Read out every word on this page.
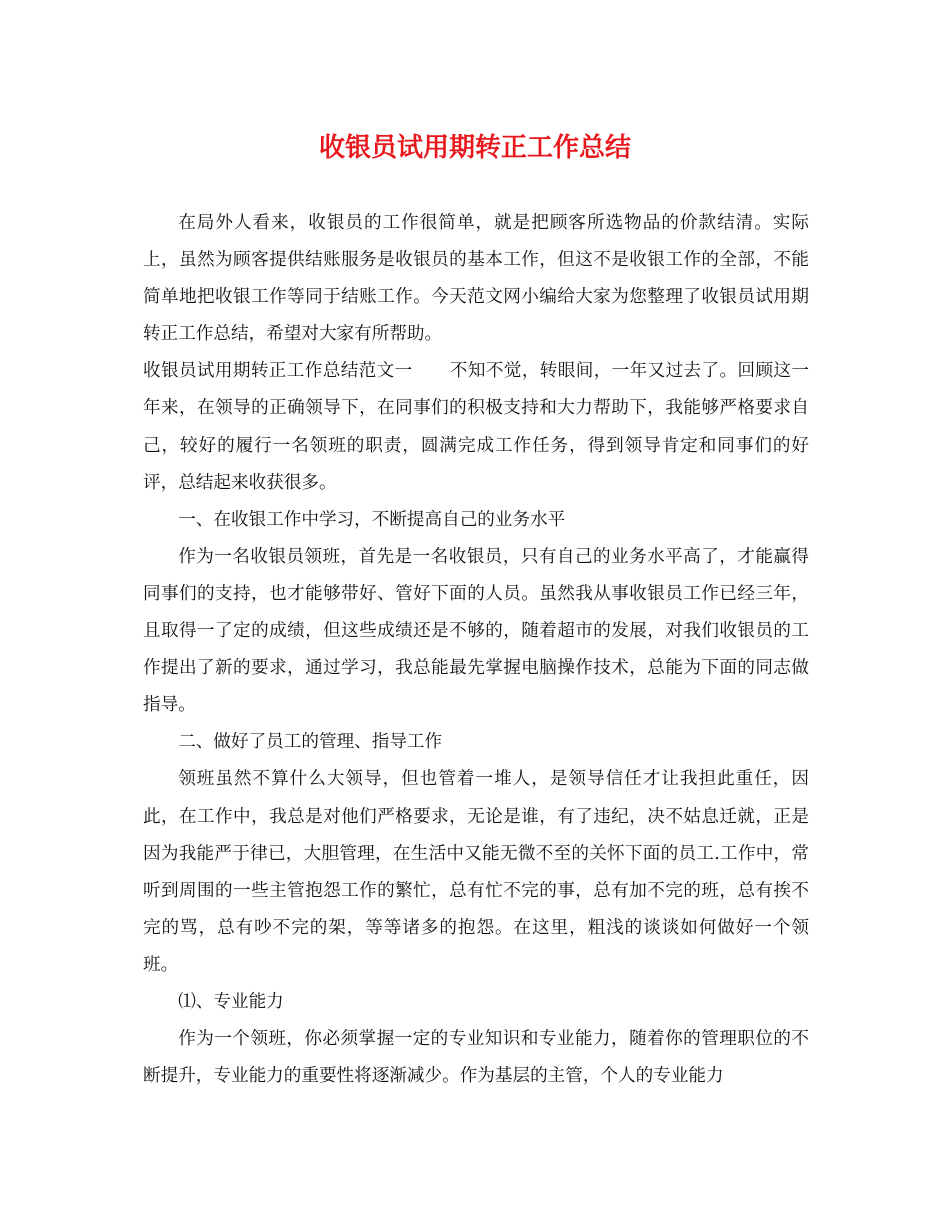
收银员试用期转正工作总结

在局外人看来，收银员的工作很简单，就是把顾客所选物品的价款结清。实际上，虽然为顾客提供结账服务是收银员的基本工作，但这不是收银工作的全部，不能简单地把收银工作等同于结账工作。今天范文网小编给大家为您整理了收银员试用期转正工作总结，希望对大家有所帮助。

收银员试用期转正工作总结范文一 不知不觉，转眼间，一年又过去了。回顾这一年来，在领导的正确领导下，在同事们的积极支持和大力帮助下，我能够严格要求自己，较好的履行一名领班的职责，圆满完成工作任务，得到领导肯定和同事们的好评，总结起来收获很多。

一、在收银工作中学习，不断提高自己的业务水平

作为一名收银员领班，首先是一名收银员，只有自己的业务水平高了，才能赢得同事们的支持，也才能够带好、管好下面的人员。虽然我从事收银员工作已经三年，且取得一了定的成绩，但这些成绩还是不够的，随着超市的发展，对我们收银员的工作提出了新的要求，通过学习，我总能最先掌握电脑操作技术，总能为下面的同志做指导。

二、做好了员工的管理、指导工作

领班虽然不算什么大领导，但也管着一堆人，是领导信任才让我担此重任，因此，在工作中，我总是对他们严格要求，无论是谁，有了违纪，决不姑息迁就，正是因为我能严于律已，大胆管理，在生活中又能无微不至的关怀下面的员工.工作中，常听到周围的一些主管抱怨工作的繁忙，总有忙不完的事，总有加不完的班，总有挨不完的骂，总有吵不完的架，等等诸多的抱怨。在这里，粗浅的谈谈如何做好一个领班。

⑴、专业能力

作为一个领班，你必须掌握一定的专业知识和专业能力，随着你的管理职位的不断提升，专业能力的重要性将逐渐减少。作为基层的主管，个人的专业能力
